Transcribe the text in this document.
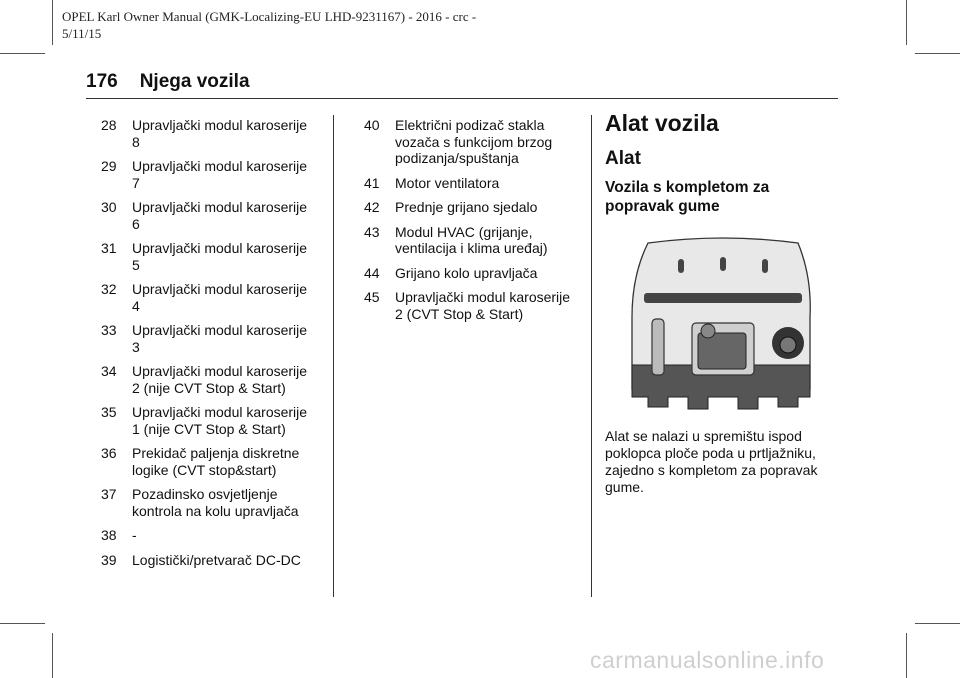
OPEL Karl Owner Manual (GMK-Localizing-EU LHD-9231167) - 2016 - crc -
5/11/15
176 Njega vozila
28	Upravljački modul karoserije 8
29	Upravljački modul karoserije 7
30	Upravljački modul karoserije 6
31	Upravljački modul karoserije 5
32	Upravljački modul karoserije 4
33	Upravljački modul karoserije 3
34	Upravljački modul karoserije 2 (nije CVT Stop & Start)
35	Upravljački modul karoserije 1 (nije CVT Stop & Start)
36	Prekidač paljenja diskretne logike (CVT stop&start)
37	Pozadinsko osvjetljenje kontrola na kolu upravljača
38	-
39	Logistički/pretvarač DC-DC
40	Električni podizač stakla vozača s funkcijom brzog podizanja/spuštanja
41	Motor ventilatora
42	Prednje grijano sjedalo
43	Modul HVAC (grijanje, ventilacija i klima uređaj)
44	Grijano kolo upravljača
45	Upravljački modul karoserije 2 (CVT Stop & Start)
Alat vozila
Alat
Vozila s kompletom za popravak gume
Alat se nalazi u spremištu ispod poklopca ploče poda u prtljažniku, zajedno s kompletom za popravak gume.
carmanualsonline.info
